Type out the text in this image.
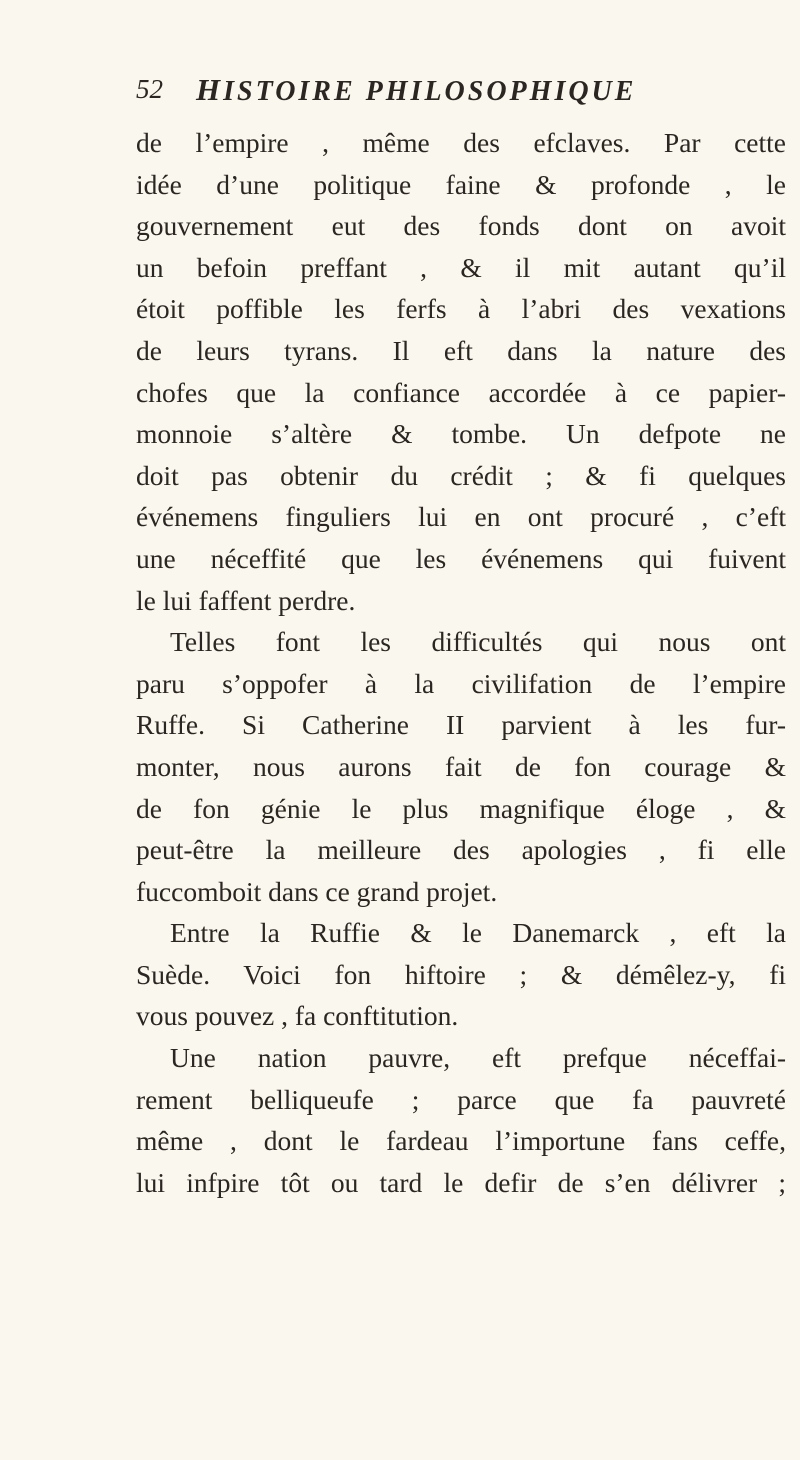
52 HISTOIRE PHILOSOPHIQUE
de l’empire , même des efclaves. Par cette
idée d’une politique faine & profonde , le
gouvernement eut des fonds dont on avoit
un befoin preffant , & il mit autant qu’il
étoit poffible les ferfs à l’abri des vexations
de leurs tyrans. Il eft dans la nature des
chofes que la confiance accordée à ce papier-
monnoie s’altère & tombe. Un defpote ne
doit pas obtenir du crédit ; & fi quelques
événemens finguliers lui en ont procuré , c’eft
une néceffité que les événemens qui fuivent
le lui faffent perdre.
Telles font les difficultés qui nous ont
paru s’oppofer à la civilifation de l’empire
Ruffe. Si Catherine II parvient à les fur-
monter, nous aurons fait de fon courage &
de fon génie le plus magnifique éloge , &
peut-être la meilleure des apologies , fi elle
fuccomboit dans ce grand projet.
Entre la Ruffie & le Danemarck , eft la
Suède. Voici fon hiftoire ; & démêlez-y, fi
vous pouvez , fa conftitution.
Une nation pauvre, eft prefque néceffai-
rement belliqueufe ; parce que fa pauvreté
même , dont le fardeau l’importune fans ceffe,
lui infpire tôt ou tard le defir de s’en délivrer ;
